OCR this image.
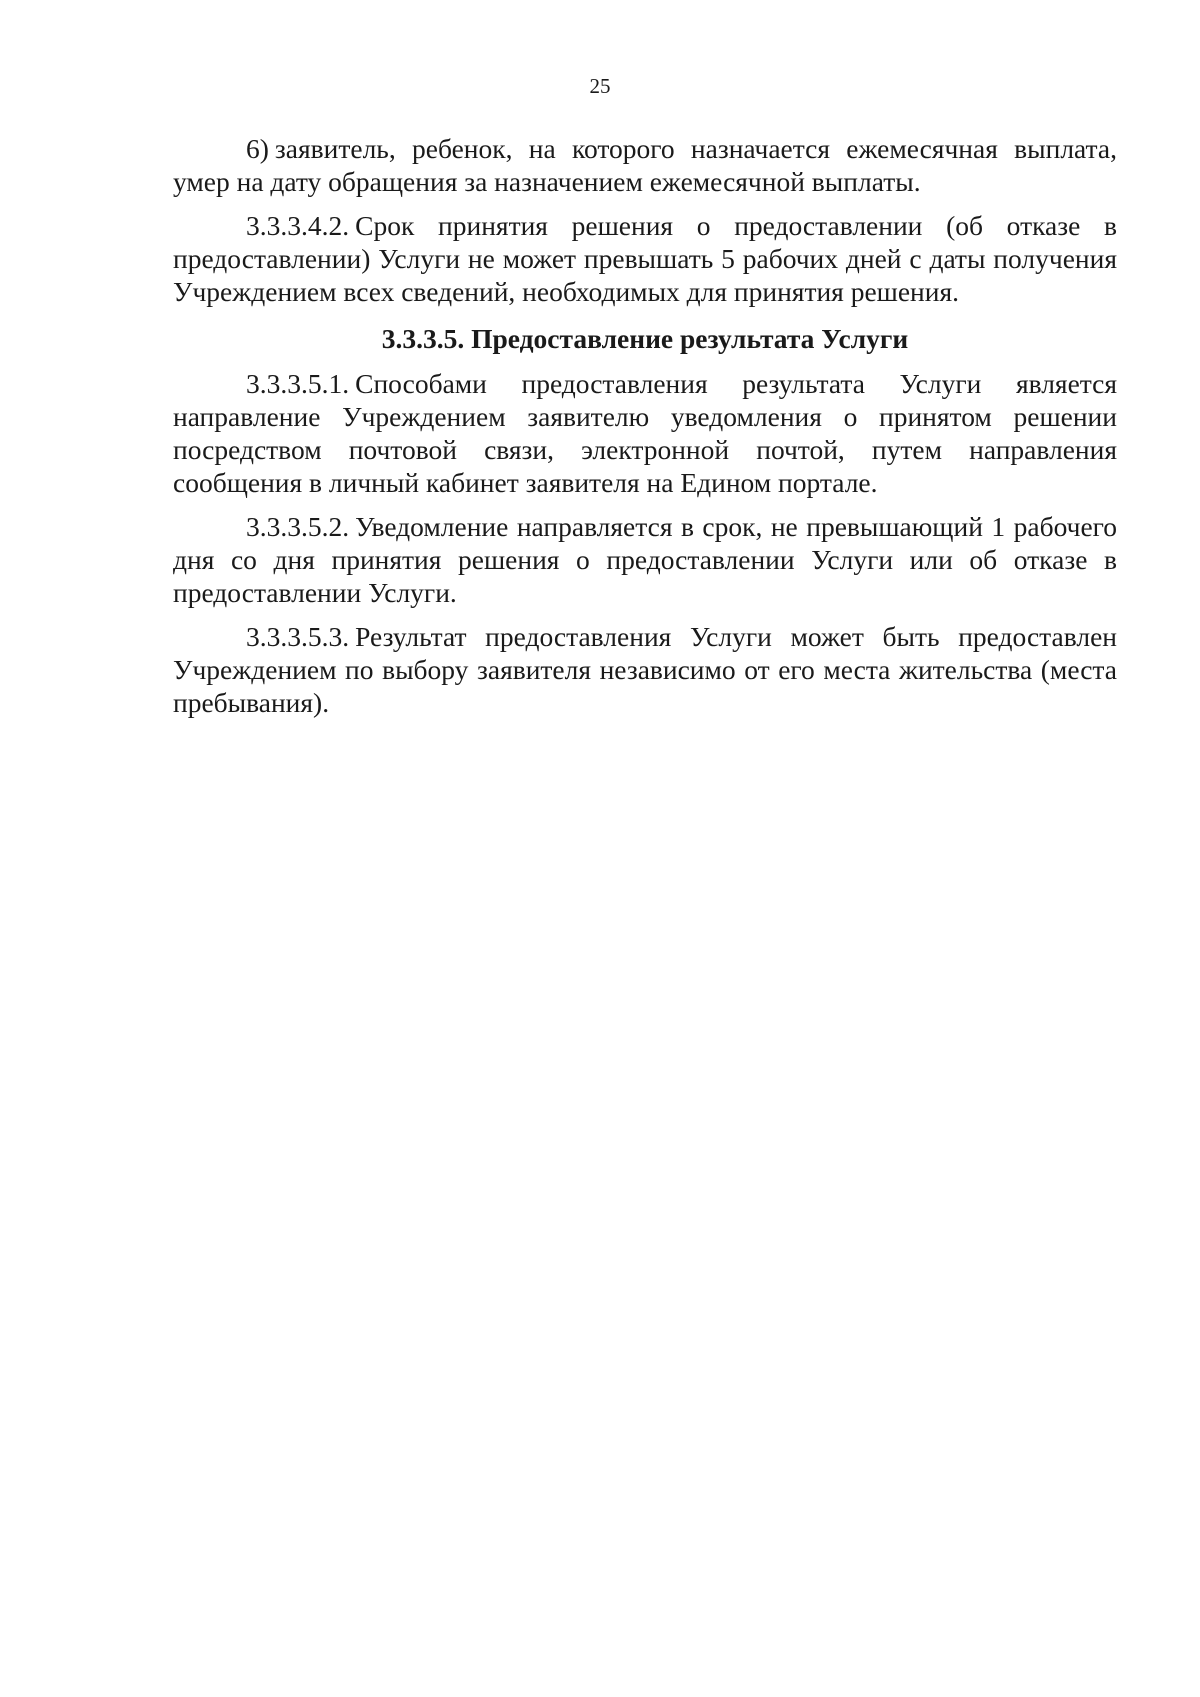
25

6) заявитель, ребенок, на которого назначается ежемесячная выплата, умер на дату обращения за назначением ежемесячной выплаты.

3.3.3.4.2. Срок принятия решения о предоставлении (об отказе в предоставлении) Услуги не может превышать 5 рабочих дней с даты получения Учреждением всех сведений, необходимых для принятия решения.

3.3.3.5. Предоставление результата Услуги

3.3.3.5.1. Способами предоставления результата Услуги является направление Учреждением заявителю уведомления о принятом решении посредством почтовой связи, электронной почтой, путем направления сообщения в личный кабинет заявителя на Едином портале.

3.3.3.5.2. Уведомление направляется в срок, не превышающий 1 рабочего дня со дня принятия решения о предоставлении Услуги или об отказе в предоставлении Услуги.

3.3.3.5.3. Результат предоставления Услуги может быть предоставлен Учреждением по выбору заявителя независимо от его места жительства (места пребывания).
